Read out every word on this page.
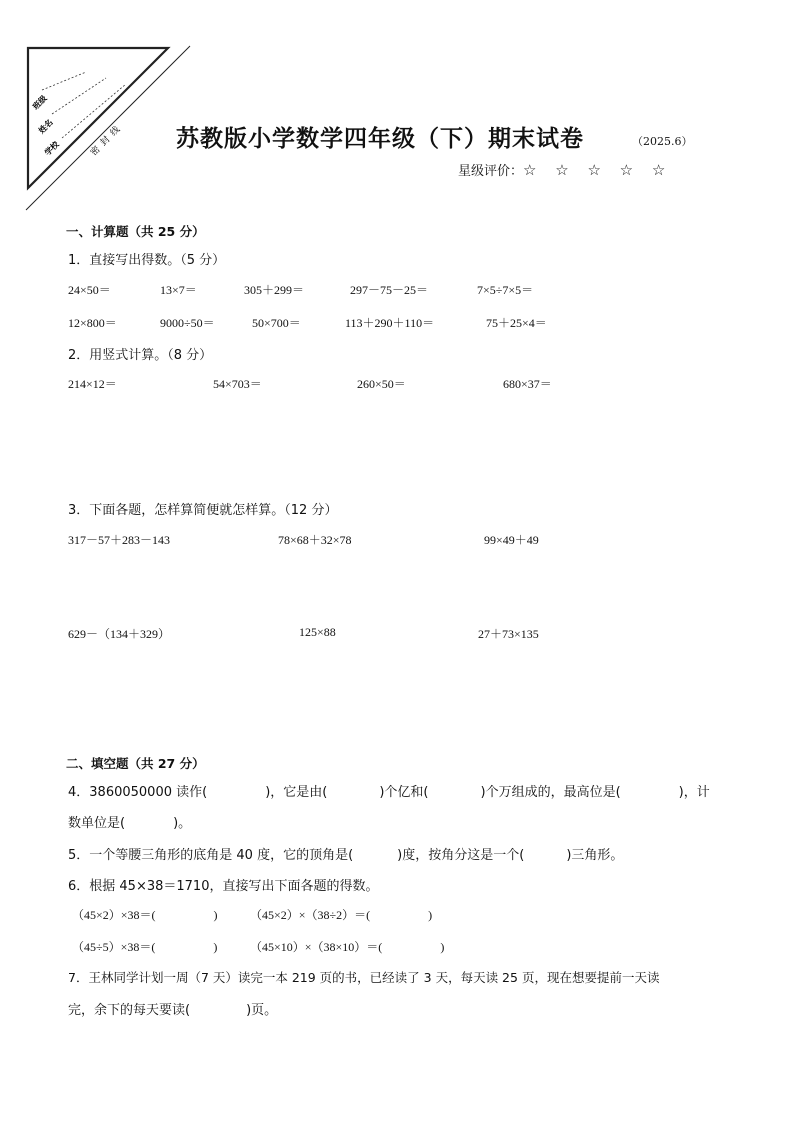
班级
姓名
学校	密封线 苏教版小学数学四年级（下）期末试卷	（2025.6）
星级评价：☆ ☆ ☆ ☆ ☆
一、计算题（共 25 分）
1．直接写出得数。（5 分）
24×50＝	13×7＝	305＋299＝	297－75－25＝	7×5÷7×5＝
12×800＝	9000÷50＝	50×700＝	113＋290＋110＝	75＋25×4＝
2．用竖式计算。（8 分）
214×12＝	54×703＝	260×50＝	680×37＝
3．下面各题，怎样算简便就怎样算。（12 分）
317－57＋283－143	78×68＋32×78	99×49＋49
629－（134＋329）	125×88	27＋73×135
二、填空题（共 27 分）
4．3860050000 读作(	)，它是由(	)个亿和(	)个万组成的，最高位是(	)，计
数单位是(	)。
5．一个等腰三角形的底角是 40 度，它的顶角是(	)度，按角分这是一个(	)三角形。
6．根据 45×38＝1710，直接写出下面各题的得数。
（45×2）×38＝(	)	（45×2）×（38÷2）＝(	)
（45÷5）×38＝(	)	（45×10）×（38×10）＝(	)
7．王林同学计划一周（7 天）读完一本 219 页的书，已经读了 3 天，每天读 25 页，现在想要提前一天读
完，余下的每天要读(	)页。
